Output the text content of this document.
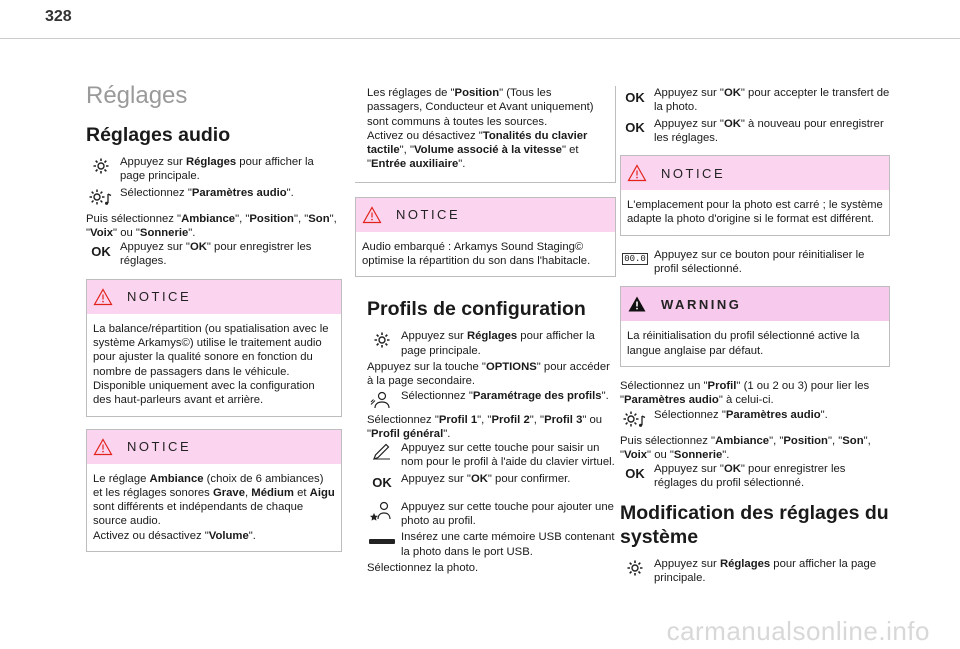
328
Réglages
Réglages audio

Appuyez sur Réglages pour afficher la page principale.

Sélectionnez "Paramètres audio".

Puis sélectionnez "Ambiance", "Position", "Son", "Voix" ou "Sonnerie".

OK Appuyez sur "OK" pour enregistrer les réglages.

NOTICE

La balance/répartition (ou spatialisation avec le système Arkamys©) utilise le traitement audio pour ajuster la qualité sonore en fonction du nombre de passagers dans le véhicule.

Disponible uniquement avec la configuration des haut-parleurs avant et arrière.

NOTICE

Le réglage Ambiance (choix de 6 ambiances) et les réglages sonores Grave, Médium et Aigu sont différents et indépendants de chaque source audio.

Activez ou désactivez "Volume".

Les réglages de "Position" (Tous les passagers, Conducteur et Avant uniquement) sont communs à toutes les sources.

Activez ou désactivez "Tonalités du clavier tactile", "Volume associé à la vitesse" et "Entrée auxiliaire".

NOTICE

Audio embarqué : Arkamys Sound Staging© optimise la répartition du son dans l'habitacle.

Profils de configuration

Appuyez sur Réglages pour afficher la page principale.

Appuyez sur la touche "OPTIONS" pour accéder à la page secondaire.

Sélectionnez "Paramétrage des profils".

Sélectionnez "Profil 1", "Profil 2", "Profil 3" ou "Profil général".

Appuyez sur cette touche pour saisir un nom pour le profil à l'aide du clavier virtuel.

OK Appuyez sur "OK" pour confirmer.

Appuyez sur cette touche pour ajouter une photo au profil.

Insérez une carte mémoire USB contenant la photo dans le port USB.

Sélectionnez la photo.

OK Appuyez sur "OK" pour accepter le transfert de la photo.

OK Appuyez sur "OK" à nouveau pour enregistrer les réglages.

NOTICE

L'emplacement pour la photo est carré ; le système adapte la photo d'origine si le format est différent.

00.0 Appuyez sur ce bouton pour réinitialiser le profil sélectionné.

WARNING

La réinitialisation du profil sélectionné active la langue anglaise par défaut.

Sélectionnez un "Profil" (1 ou 2 ou 3) pour lier les "Paramètres audio" à celui-ci.

Sélectionnez "Paramètres audio".

Puis sélectionnez "Ambiance", "Position", "Son", "Voix" ou "Sonnerie".

OK Appuyez sur "OK" pour enregistrer les réglages du profil sélectionné.

Modification des réglages du système

Appuyez sur Réglages pour afficher la page principale.

carmanualsonline.info
